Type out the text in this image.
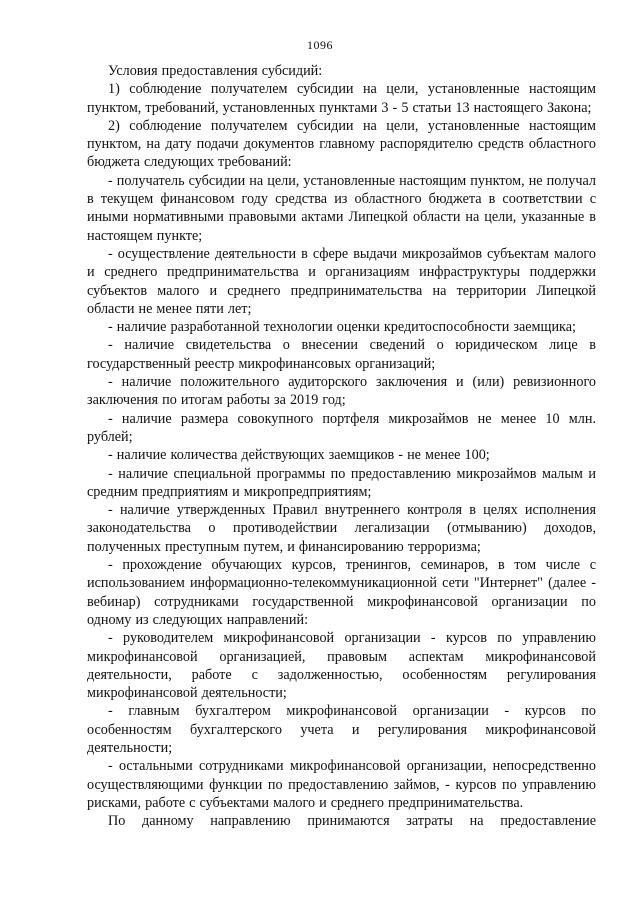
1096

Условия предоставления субсидий:

1) соблюдение получателем субсидии на цели, установленные настоящим пунктом, требований, установленных пунктами 3 - 5 статьи 13 настоящего Закона;

2) соблюдение получателем субсидии на цели, установленные настоящим пунктом, на дату подачи документов главному распорядителю средств областного бюджета следующих требований:

- получатель субсидии на цели, установленные настоящим пунктом, не получал в текущем финансовом году средства из областного бюджета в соответствии с иными нормативными правовыми актами Липецкой области на цели, указанные в настоящем пункте;

- осуществление деятельности в сфере выдачи микрозаймов субъектам малого и среднего предпринимательства и организациям инфраструктуры поддержки субъектов малого и среднего предпринимательства на территории Липецкой области не менее пяти лет;

- наличие разработанной технологии оценки кредитоспособности заемщика;

- наличие свидетельства о внесении сведений о юридическом лице в государственный реестр микрофинансовых организаций;

- наличие положительного аудиторского заключения и (или) ревизионного заключения по итогам работы за 2019 год;

- наличие размера совокупного портфеля микрозаймов не менее 10 млн. рублей;

- наличие количества действующих заемщиков - не менее 100;

- наличие специальной программы по предоставлению микрозаймов малым и средним предприятиям и микропредприятиям;

- наличие утвержденных Правил внутреннего контроля в целях исполнения законодательства о противодействии легализации (отмыванию) доходов, полученных преступным путем, и финансированию терроризма;

- прохождение обучающих курсов, тренингов, семинаров, в том числе с использованием информационно-телекоммуникационной сети "Интернет" (далее - вебинар) сотрудниками государственной микрофинансовой организации по одному из следующих направлений:

- руководителем микрофинансовой организации - курсов по управлению микрофинансовой организацией, правовым аспектам микрофинансовой деятельности, работе с задолженностью, особенностям регулирования микрофинансовой деятельности;

- главным бухгалтером микрофинансовой организации - курсов по особенностям бухгалтерского учета и регулирования микрофинансовой деятельности;

- остальными сотрудниками микрофинансовой организации, непосредственно осуществляющими функции по предоставлению займов, - курсов по управлению рисками, работе с субъектами малого и среднего предпринимательства.

По данному направлению принимаются затраты на предоставление
